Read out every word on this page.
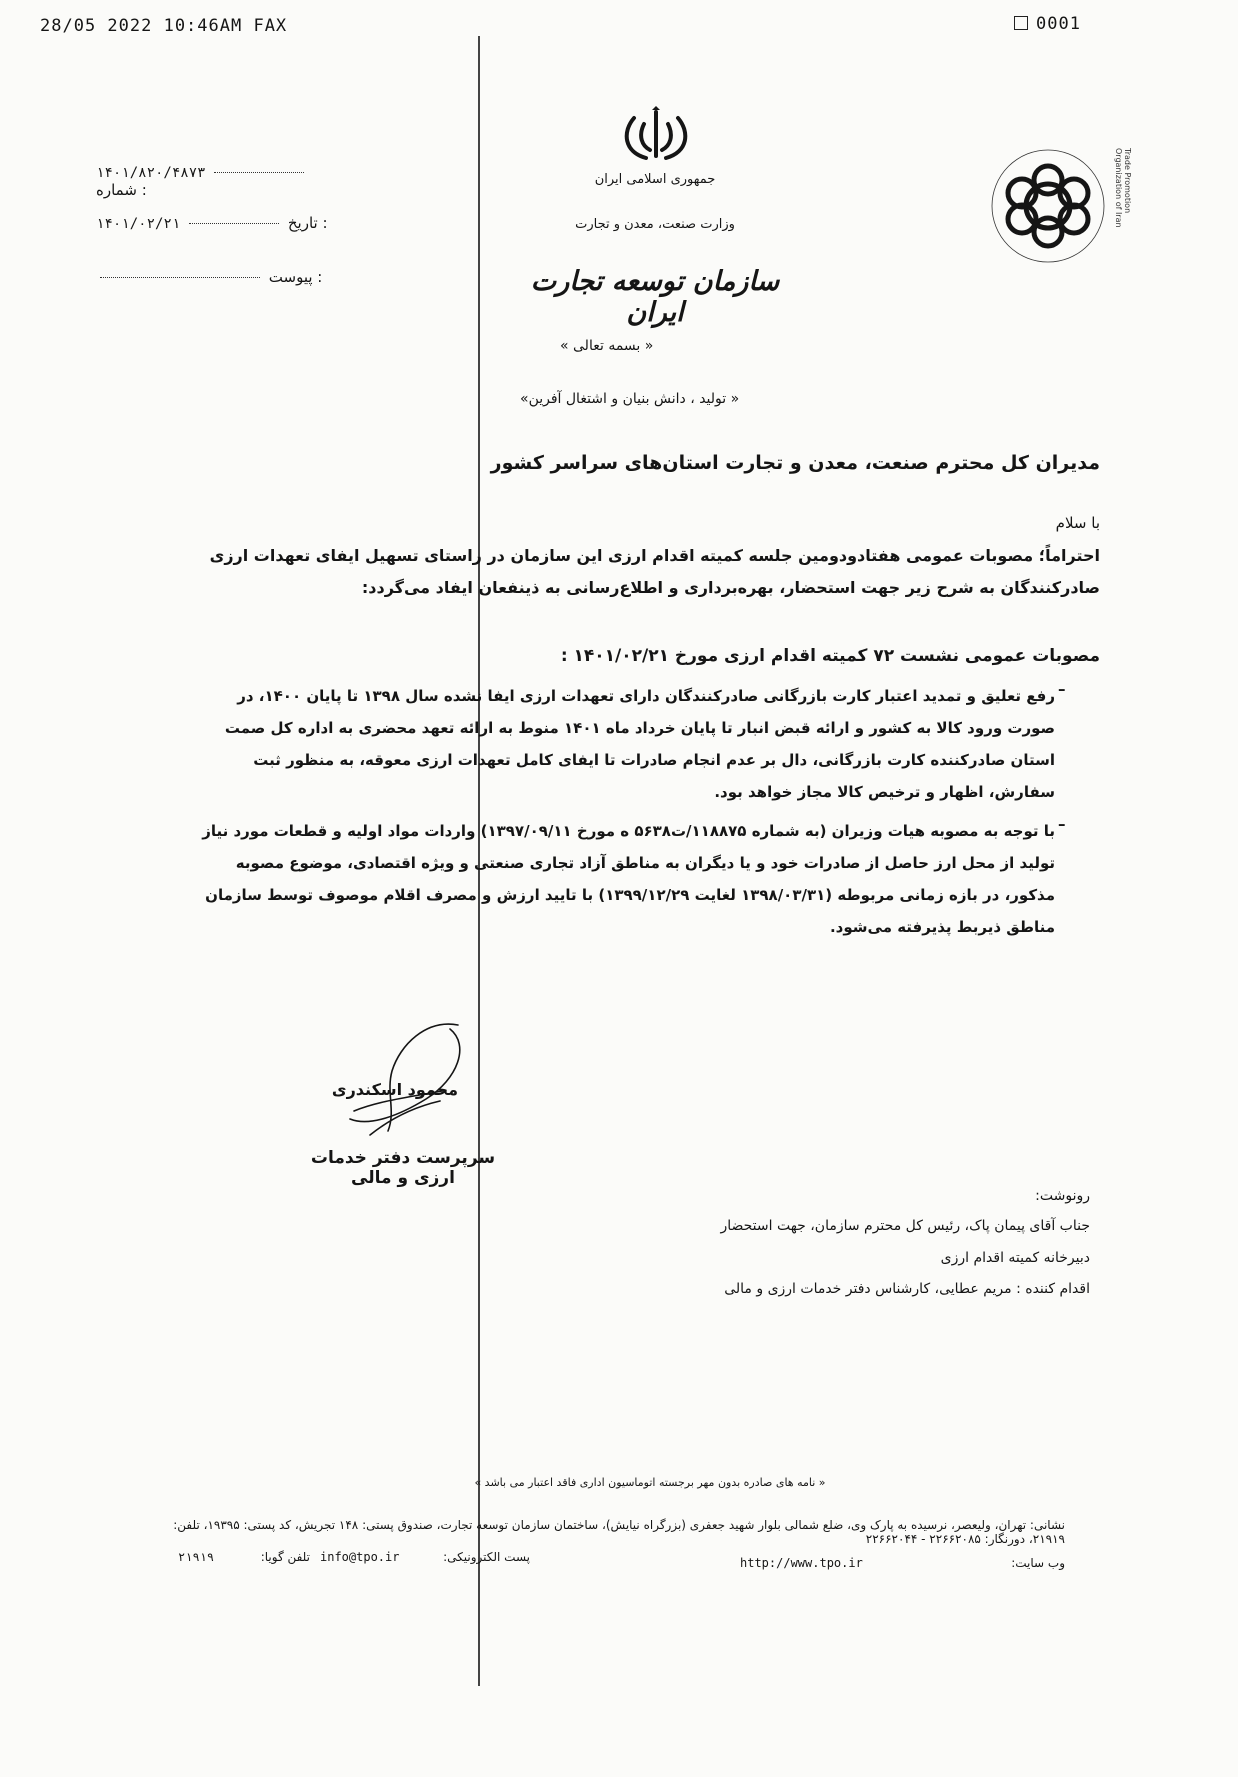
28/05 2022 10:46AM FAX	0001
۱۴۰۱/۸۲۰/۴۸۷۳  شماره :
۱۴۰۱/۰۲/۲۱	تاریخ :
پیوست :
جمهوری اسلامی ایران
وزارت صنعت، معدن و تجارت
سازمان توسعه تجارت ایران
Trade Promotion Organization of Iran
« بسمه تعالی »
« تولید ، دانش بنیان و اشتغال آفرین»
مدیران کل محترم صنعت، معدن و تجارت استان‌های سراسر کشور
با سلام
احتراماً؛ مصوبات عمومی هفتادودومین جلسه کمیته اقدام ارزی این سازمان در راستای تسهیل ایفای تعهدات ارزی صادرکنندگان به شرح زیر جهت استحضار، بهره‌برداری و اطلاع‌رسانی به ذینفعان ایفاد می‌گردد:
مصوبات عمومی نشست ۷۲ کمیته اقدام ارزی مورخ ۱۴۰۱/۰۲/۲۱ :
–
رفع تعلیق و تمدید اعتبار کارت بازرگانی صادرکنندگان دارای تعهدات ارزی ایفا نشده سال ۱۳۹۸ تا پایان ۱۴۰۰، در صورت ورود کالا به کشور و ارائه قبض انبار تا پایان خرداد ماه ۱۴۰۱ منوط به ارائه تعهد محضری به اداره کل صمت استان صادرکننده کارت بازرگانی، دال بر عدم انجام صادرات تا ایفای کامل تعهدات ارزی معوقه، به منظور ثبت سفارش، اظهار و ترخیص کالا مجاز خواهد بود.
–
با توجه به مصوبه هیات وزیران (به شماره ۱۱۸۸۷۵/ت۵۶۳۸ ه مورخ ۱۳۹۷/۰۹/۱۱) واردات مواد اولیه و قطعات مورد نیاز تولید از محل ارز حاصل از صادرات خود و یا دیگران به مناطق آزاد تجاری صنعتی و ویژه اقتصادی، موضوع مصوبه مذکور، در بازه زمانی مربوطه (۱۳۹۸/۰۳/۳۱ لغایت ۱۳۹۹/۱۲/۲۹) با تایید ارزش و مصرف اقلام موصوف توسط سازمان مناطق ذیربط پذیرفته می‌شود.
محمود اسکندری
سرپرست دفتر خدمات ارزی و مالی
رونوشت:
جناب آقای پیمان پاک، رئیس کل محترم سازمان، جهت استحضار
دبیرخانه کمیته اقدام ارزی
اقدام کننده : مریم عطایی، کارشناس دفتر خدمات ارزی و مالی
« نامه های صادره بدون مهر برجسته اتوماسیون اداری فاقد اعتبار می باشد »
نشانی: تهران، ولیعصر، نرسیده به پارک وی، ضلع شمالی بلوار شهید جعفری (بزرگراه نیایش)، ساختمان سازمان توسعه تجارت، صندوق پستی: ۱۴۸ تجریش، کد پستی: ۱۹۳۹۵، تلفن: ۲۱۹۱۹، دورنگار: ۲۲۶۶۲۰۸۵ - ۲۲۶۶۲۰۴۴
وب سایت:
http://www.tpo.ir
پست الکترونیکی:
info@tpo.ir
تلفن گویا:
۲۱۹۱۹
